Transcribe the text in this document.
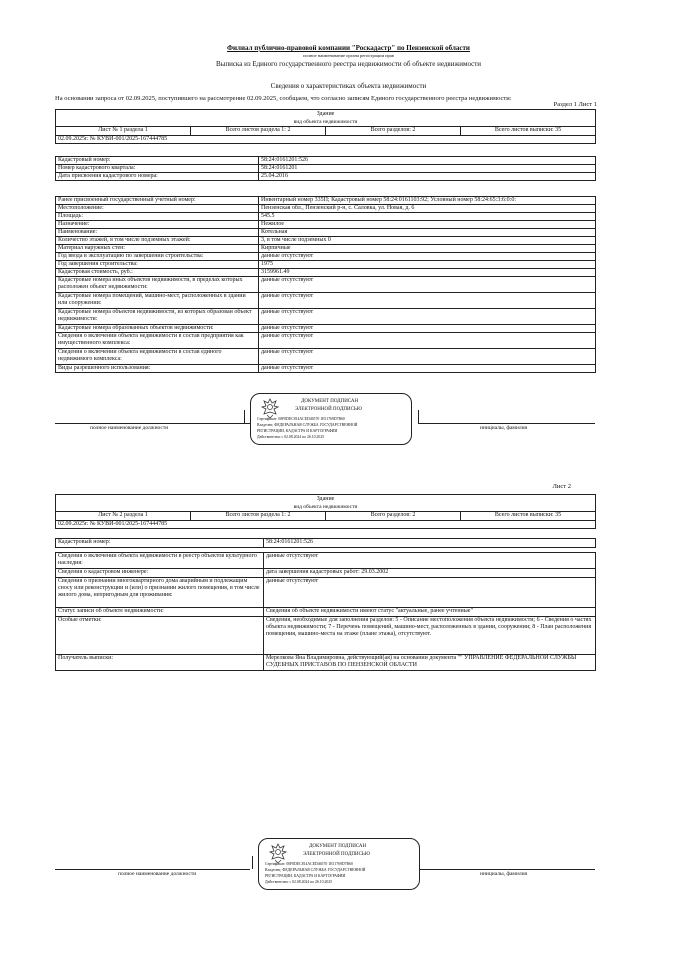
Филиал публично-правовой компании "Роскадастр" по Пензенской области
полное наименование органа регистрации прав
Выписка из Единого государственного реестра недвижимости об объекте недвижимости
Сведения о характеристиках объекта недвижимости
На основании запроса от 02.09.2025, поступившего на рассмотрение 02.09.2025, сообщаем, что согласно записям Единого государственного реестра недвижимости:
Раздел 1 Лист 1
Здание
вид объекта недвижимости

Лист № 1 раздела 1	Всего листов раздела 1: 2	Всего разделов: 2	Всего листов выписки: 35
02.09.2025г. № КУВИ-001/2025-167444785
Кадастровый номер:	58:24:0161201:526
Номер кадастрового квартала:	58:24:0161201
Дата присвоения кадастрового номера:	25.04.2016
Ранее присвоенный государственный учетный номер:	Инвентарный номер 335П; Кадастровый номер 58:24:0161103:92; Условный номер 58:24:65:3:6:0:0:
Местоположение:	Пензенская обл., Пензенский р-н, с. Саловка, ул. Новая, д. 6
Площадь:	545.5
Назначение:	Нежилое
Наименование:	Котельная
Количество этажей, в том числе подземных этажей:	3, в том числе подземных 0
Материал наружных стен:	Кирпичные
Год ввода в эксплуатацию по завершении строительства:	данные отсутствуют
Год завершения строительства:	1975
Кадастровая стоимость, руб.:	3159961.49
Кадастровые номера иных объектов недвижимости, в пределах которых расположен объект недвижимости:	данные отсутствуют
Кадастровые номера помещений, машино-мест, расположенных в здании или сооружении:	данные отсутствуют
Кадастровые номера объектов недвижимости, из которых образован объект недвижимости:	данные отсутствуют
Кадастровые номера образованных объектов недвижимости:	данные отсутствуют
Сведения о включении объекта недвижимости в состав предприятия как имущественного комплекса:	данные отсутствуют
Сведения о включении объекта недвижимости в состав единого недвижимого комплекса:	данные отсутствуют
Виды разрешенного использования:	данные отсутствуют
полное наименование должности	инициалы, фамилия
ДОКУМЕНТ ПОДПИСАН
ЭЛЕКТРОННОЙ ПОДПИСЬЮ
Сертификат: 00F0DEC814ACED46570 1E51769D7B60
Владелец: ФЕДЕРАЛЬНАЯ СЛУЖБА ГОСУДАРСТВЕННОЙ
РЕГИСТРАЦИИ, КАДАСТРА И КАРТОГРАФИИ
Действителен: с 02.08.2024 по 26.10.2025
Лист 2
Здание
вид объекта недвижимости

Лист № 2 раздела 1	Всего листов раздела 1: 2	Всего разделов: 2	Всего листов выписки: 35
02.09.2025г. № КУВИ-001/2025-167444785
Кадастровый номер:	58:24:0161201:526
Сведения о включении объекта недвижимости в реестр объектов культурного наследия:	данные отсутствуют
Сведения о кадастровом инженере:	дата завершения кадастровых работ: 29.03.2002
Сведения о признании многоквартирного дома аварийным и подлежащим сносу или реконструкции и (или) о признании жилого помещения, в том числе жилого дома, непригодным для проживания:	данные отсутствуют
Статус записи об объекте недвижимости:	Сведения об объекте недвижимости имеют статус "актуальные, ранее учтенные"
Особые отметки:	Сведения, необходимые для заполнения разделов: 5 - Описание местоположения объекта недвижимости; 6 - Сведения о частях объекта недвижимости; 7 - Перечень помещений, машино-мест, расположенных в здании, сооружении; 8 - План расположения помещения, машино-места на этаже (плане этажа), отсутствуют.
Получатель выписки:	Мерелкова Яна Владимировна, действующий(ая) на основании документа "" УПРАВЛЕНИЕ ФЕДЕРАЛЬНОЙ СЛУЖБЫ СУДЕБНЫХ ПРИСТАВОВ ПО ПЕНЗЕНСКОЙ ОБЛАСТИ
полное наименование должности	инициалы, фамилия
ДОКУМЕНТ ПОДПИСАН
ЭЛЕКТРОННОЙ ПОДПИСЬЮ
Сертификат: 00F0DEC814ACED46570 1E51769D7B60
Владелец: ФЕДЕРАЛЬНАЯ СЛУЖБА ГОСУДАРСТВЕННОЙ
РЕГИСТРАЦИИ, КАДАСТРА И КАРТОГРАФИИ
Действителен: с 02.08.2024 по 26.10.2025
